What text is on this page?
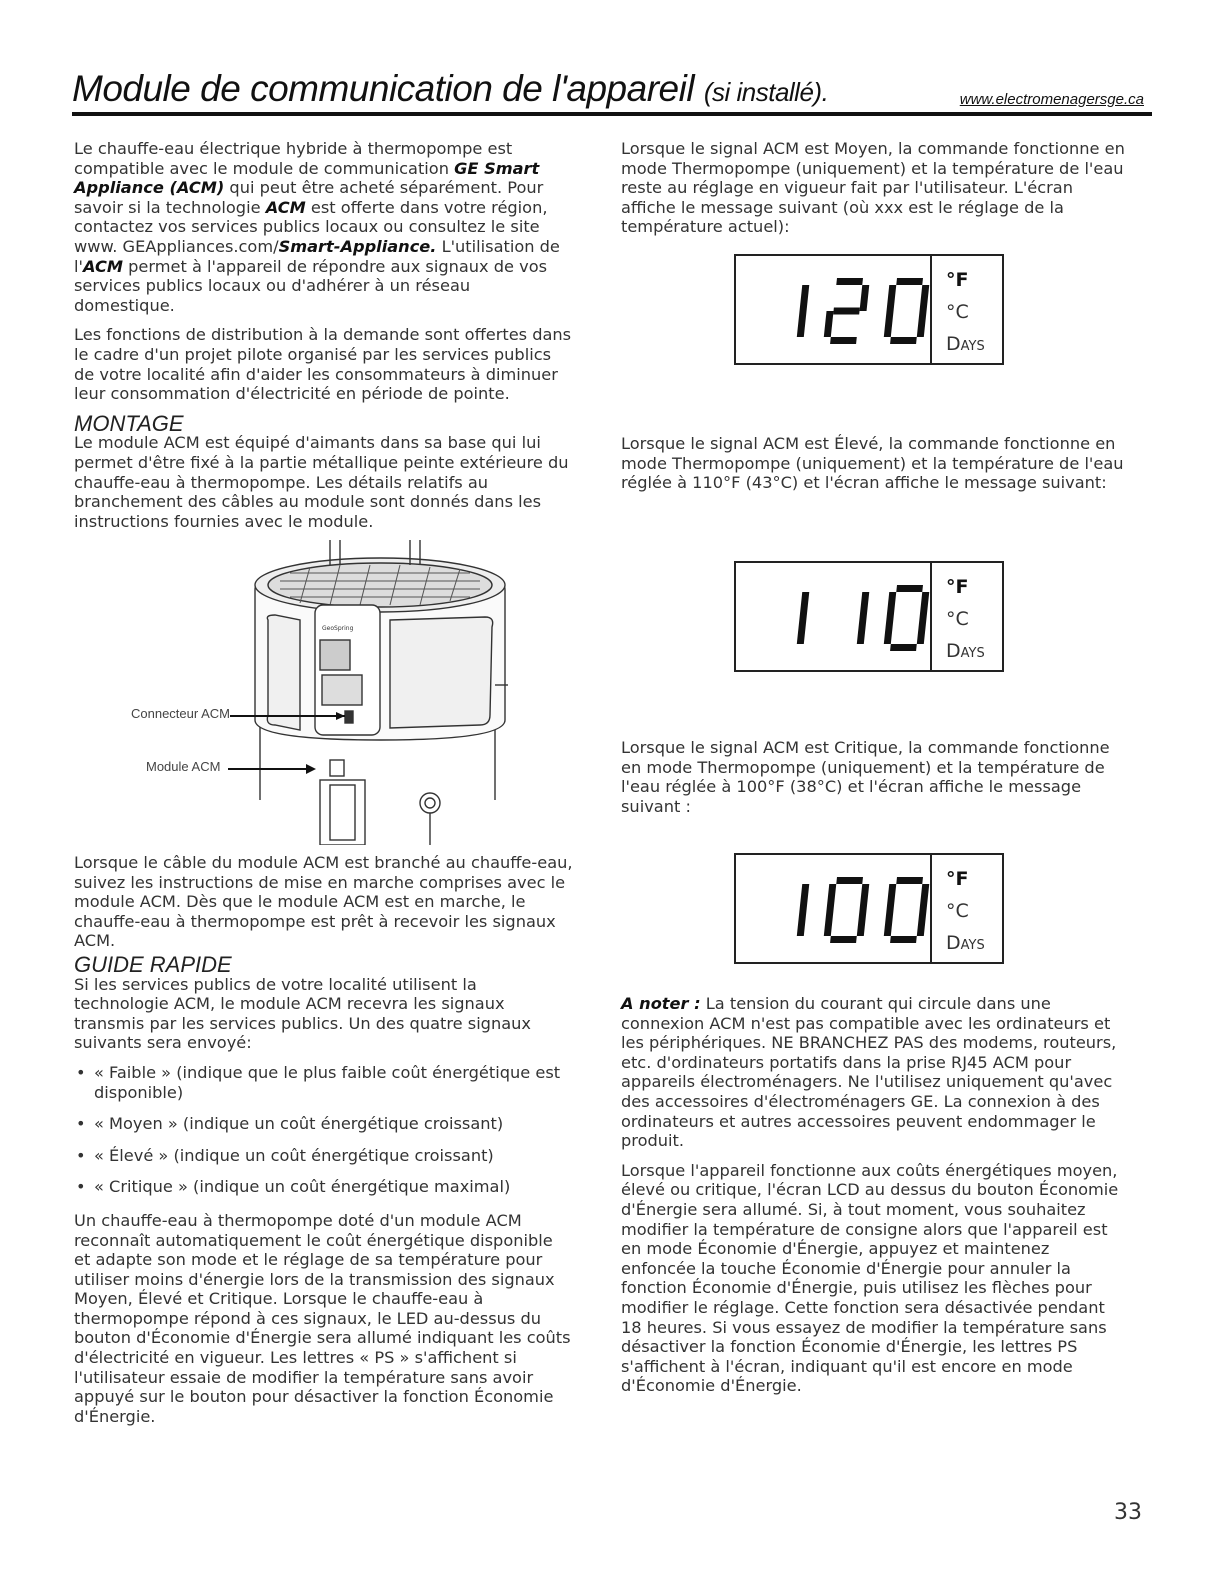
Module de communication de l'appareil (si installé).	www.electromenagersge.ca

Le chauffe-eau électrique hybride à thermopompe est compatible avec le module de communication GE Smart Appliance (ACM) qui peut être acheté séparément. Pour savoir si la technologie ACM est offerte dans votre région, contactez vos services publics locaux ou consultez le site www. GEAppliances.com/Smart-Appliance. L'utilisation de l'ACM permet à l'appareil de répondre aux signaux de vos services publics locaux ou d'adhérer à un réseau domestique.

Les fonctions de distribution à la demande sont offertes dans le cadre d'un projet pilote organisé par les services publics de votre localité afin d'aider les consommateurs à diminuer leur consommation d'électricité en période de pointe.

MONTAGE

Le module ACM est équipé d'aimants dans sa base qui lui permet d'être fixé à la partie métallique peinte extérieure du chauffe-eau à thermopompe. Les détails relatifs au branchement des câbles au module sont donnés dans les instructions fournies avec le module.

GeoSpring
Connecteur ACM
Module ACM

Lorsque le câble du module ACM est branché au chauffe-eau, suivez les instructions de mise en marche comprises avec le module ACM. Dès que le module ACM est en marche, le chauffe-eau à thermopompe est prêt à recevoir les signaux ACM.

GUIDE RAPIDE

Si les services publics de votre localité utilisent la technologie ACM, le module ACM recevra les signaux transmis par les services publics. Un des quatre signaux suivants sera envoyé:

• « Faible » (indique que le plus faible coût énergétique est disponible)
• « Moyen » (indique un coût énergétique croissant)
• « Élevé » (indique un coût énergétique croissant)
• « Critique » (indique un coût énergétique maximal)

Un chauffe-eau à thermopompe doté d'un module ACM reconnaît automatiquement le coût énergétique disponible et adapte son mode et le réglage de sa température pour utiliser moins d'énergie lors de la transmission des signaux Moyen, Élevé et Critique. Lorsque le chauffe-eau à thermopompe répond à ces signaux, le LED au-dessus du bouton d'Économie d'Énergie sera allumé indiquant les coûts d'électricité en vigueur. Les lettres « PS » s'affichent si l'utilisateur essaie de modifier la température sans avoir appuyé sur le bouton pour désactiver la fonction Économie d'Énergie.

Lorsque le signal ACM est Moyen, la commande fonctionne en mode Thermopompe (uniquement) et la température de l'eau reste au réglage en vigueur fait par l'utilisateur. L'écran affiche le message suivant (où xxx est le réglage de la température actuel):
°F
°C
Days
Lorsque le signal ACM est Élevé, la commande fonctionne en mode Thermopompe (uniquement) et la température de l'eau réglée à 110°F (43°C) et l'écran affiche le message suivant:
°F
°C
Days
Lorsque le signal ACM est Critique, la commande fonctionne en mode Thermopompe (uniquement) et la température de l'eau réglée à 100°F (38°C) et l'écran affiche le message suivant :
°F
°C
Days

A noter : La tension du courant qui circule dans une connexion ACM n'est pas compatible avec les ordinateurs et les périphériques. NE BRANCHEZ PAS des modems, routeurs, etc. d'ordinateurs portatifs dans la prise RJ45 ACM pour appareils électroménagers. Ne l'utilisez uniquement qu'avec des accessoires d'électroménagers GE. La connexion à des ordinateurs et autres accessoires peuvent endommager le produit.

Lorsque l'appareil fonctionne aux coûts énergétiques moyen, élevé ou critique, l'écran LCD au dessus du bouton Économie d'Énergie sera allumé. Si, à tout moment, vous souhaitez modifier la température de consigne alors que l'appareil est en mode Économie d'Énergie, appuyez et maintenez enfoncée la touche Économie d'Énergie pour annuler la fonction Économie d'Énergie, puis utilisez les flèches pour modifier le réglage. Cette fonction sera désactivée pendant 18 heures. Si vous essayez de modifier la température sans désactiver la fonction Économie d'Énergie, les lettres PS s'affichent à l'écran, indiquant qu'il est encore en mode d'Économie d'Énergie.

33
